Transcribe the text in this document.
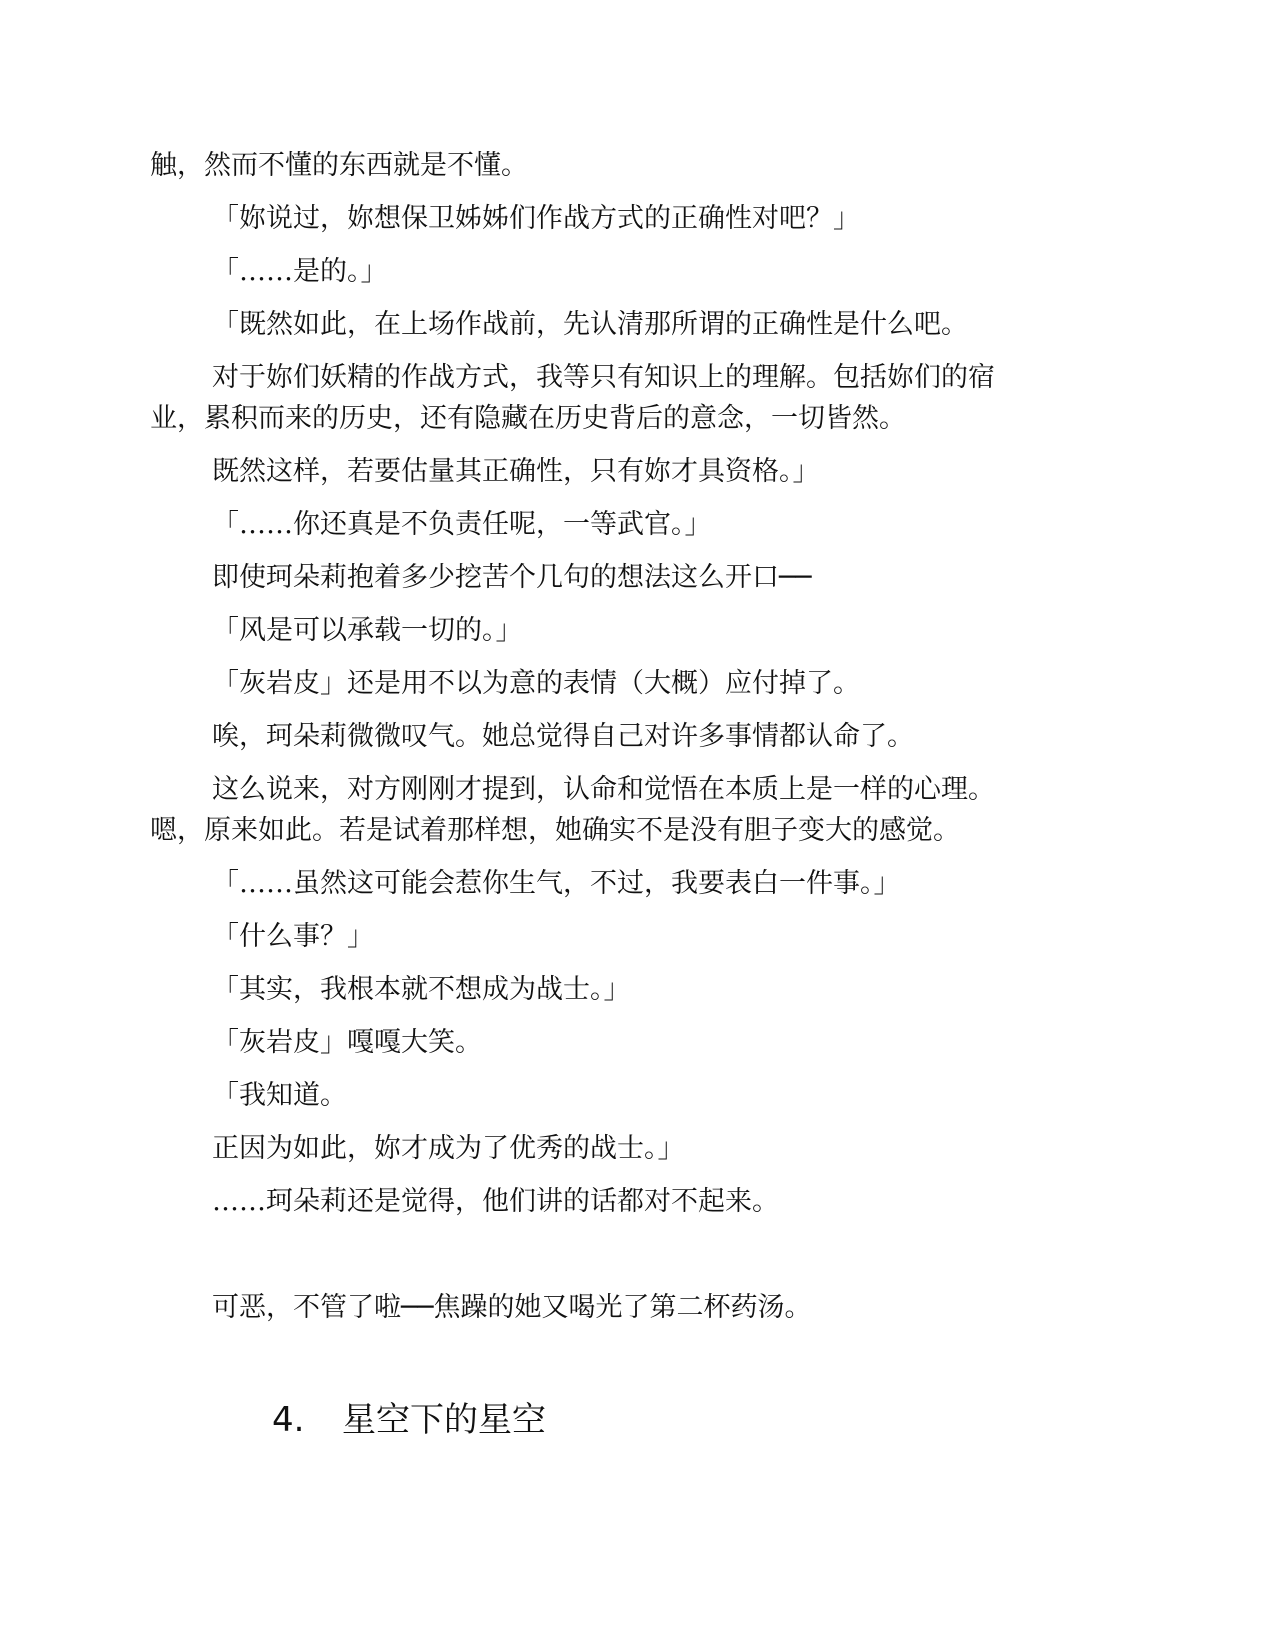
触，然而不懂的东西就是不懂。
「妳说过，妳想保卫姊姊们作战方式的正确性对吧？」
「……是的。」
「既然如此，在上场作战前，先认清那所谓的正确性是什么吧。
对于妳们妖精的作战方式，我等只有知识上的理解。包括妳们的宿
业，累积而来的历史，还有隐藏在历史背后的意念，一切皆然。
既然这样，若要估量其正确性，只有妳才具资格。」
「……你还真是不负责任呢，一等武官。」
即使珂朵莉抱着多少挖苦个几句的想法这么开口──
「风是可以承载一切的。」
「灰岩皮」还是用不以为意的表情（大概）应付掉了。
唉，珂朵莉微微叹气。她总觉得自己对许多事情都认命了。
这么说来，对方刚刚才提到，认命和觉悟在本质上是一样的心理。
嗯，原来如此。若是试着那样想，她确实不是没有胆子变大的感觉。
「……虽然这可能会惹你生气，不过，我要表白一件事。」
「什么事？」
「其实，我根本就不想成为战士。」
「灰岩皮」嘎嘎大笑。
「我知道。
正因为如此，妳才成为了优秀的战士。」
……珂朵莉还是觉得，他们讲的话都对不起来。
可恶，不管了啦──焦躁的她又喝光了第二杯药汤。
4. 星空下的星空
